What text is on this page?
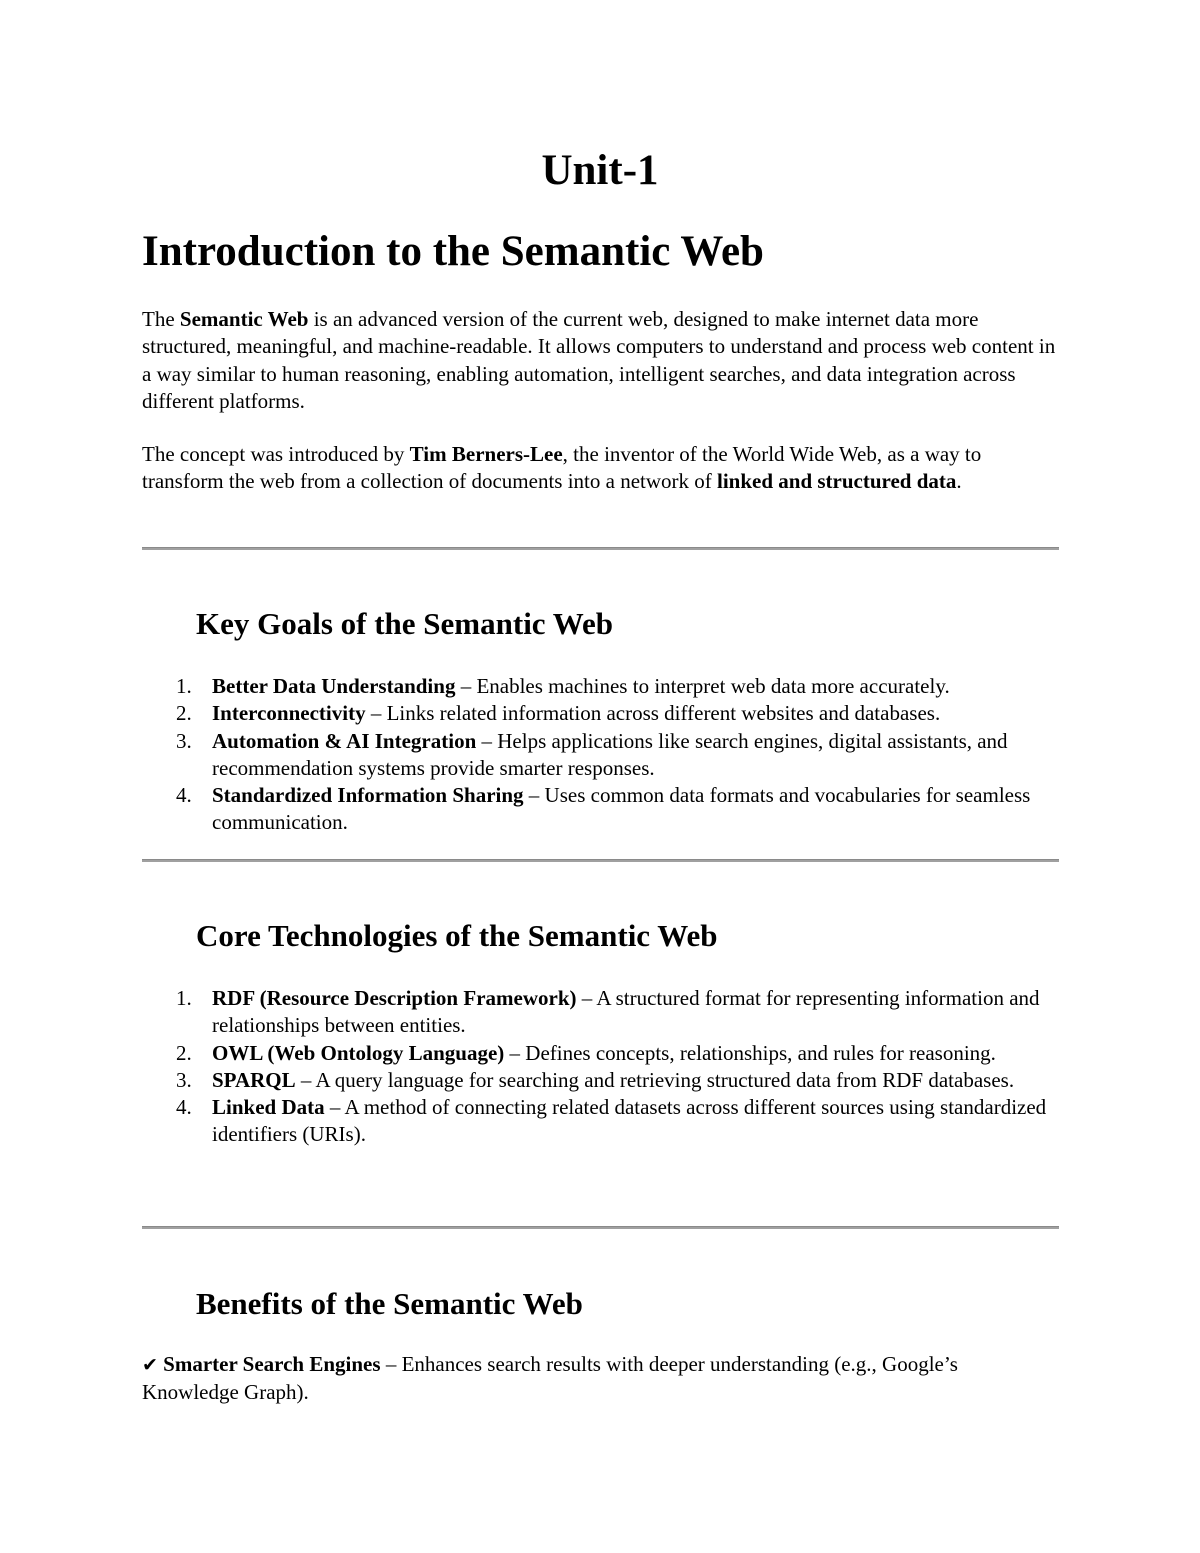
Unit-1
Introduction to the Semantic Web

The Semantic Web is an advanced version of the current web, designed to make internet data more structured, meaningful, and machine-readable. It allows computers to understand and process web content in a way similar to human reasoning, enabling automation, intelligent searches, and data integration across different platforms.

The concept was introduced by Tim Berners-Lee, the inventor of the World Wide Web, as a way to transform the web from a collection of documents into a network of linked and structured data.

Key Goals of the Semantic Web
1. Better Data Understanding – Enables machines to interpret web data more accurately.
2. Interconnectivity – Links related information across different websites and databases.
3. Automation & AI Integration – Helps applications like search engines, digital assistants, and recommendation systems provide smarter responses.
4. Standardized Information Sharing – Uses common data formats and vocabularies for seamless communication.
Core Technologies of the Semantic Web
1. RDF (Resource Description Framework) – A structured format for representing information and relationships between entities.
2. OWL (Web Ontology Language) – Defines concepts, relationships, and rules for reasoning.
3. SPARQL – A query language for searching and retrieving structured data from RDF databases.
4. Linked Data – A method of connecting related datasets across different sources using standardized identifiers (URIs).
Benefits of the Semantic Web

✔ Smarter Search Engines – Enhances search results with deeper understanding (e.g., Google’s Knowledge Graph).
